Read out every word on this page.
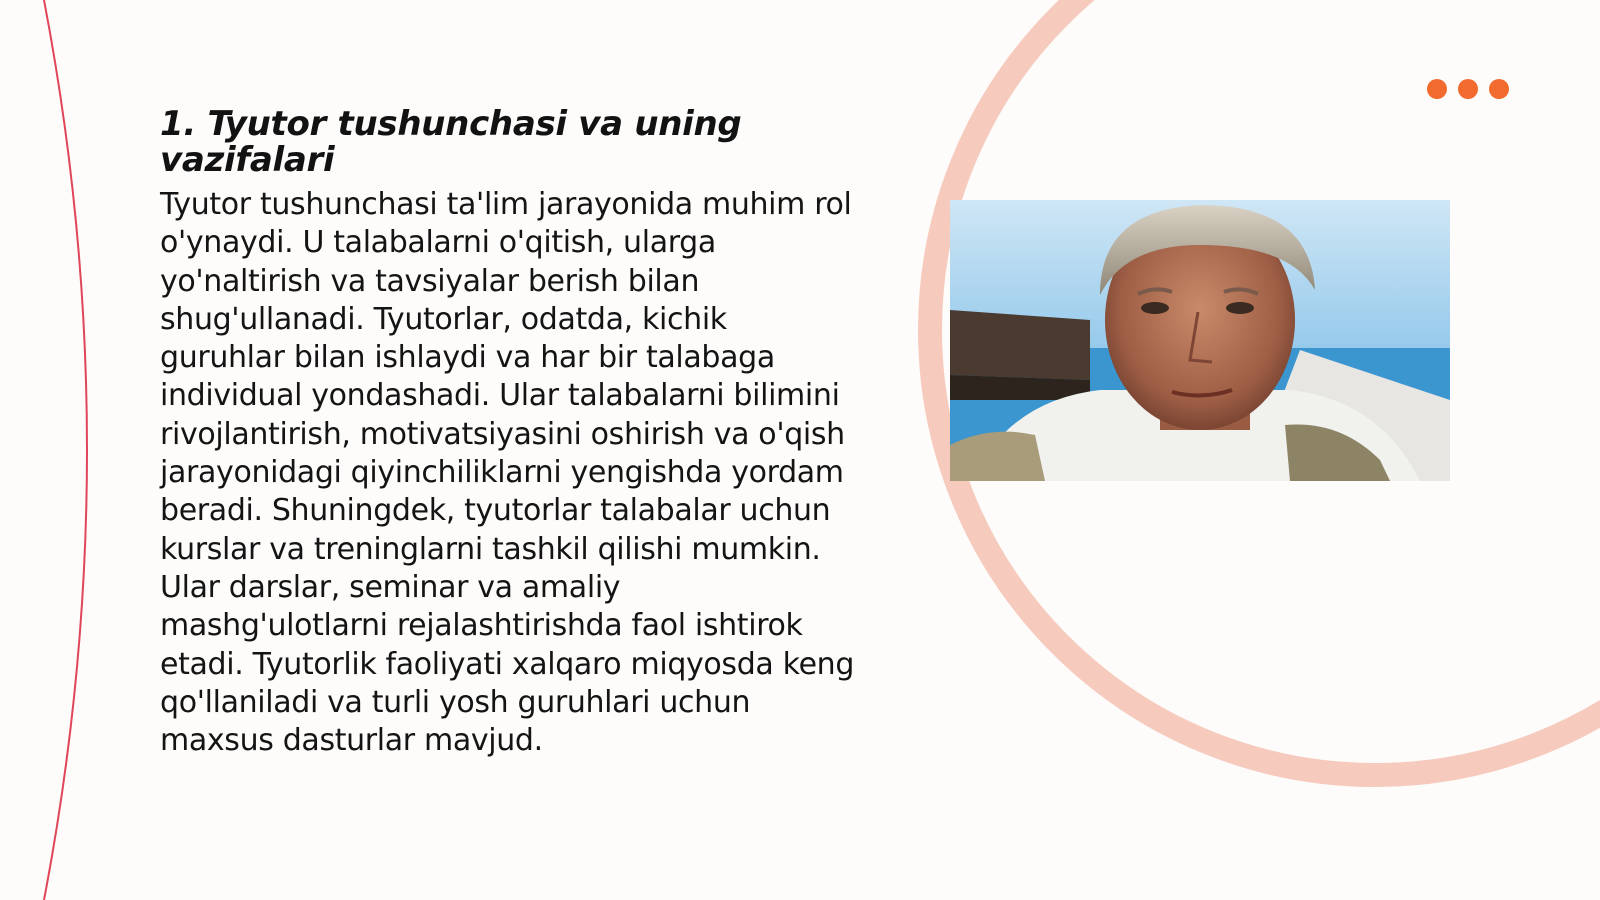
1. Tyutor tushunchasi va uning vazifalari

Tyutor tushunchasi ta'lim jarayonida muhim rol o'ynaydi. U talabalarni o'qitish, ularga yo'naltirish va tavsiyalar berish bilan shug'ullanadi. Tyutorlar, odatda, kichik guruhlar bilan ishlaydi va har bir talabaga individual yondashadi. Ular talabalarni bilimini rivojlantirish, motivatsiyasini oshirish va o'qish jarayonidagi qiyinchiliklarni yengishda yordam beradi. Shuningdek, tyutorlar talabalar uchun kurslar va treninglarni tashkil qilishi mumkin. Ular darslar, seminar va amaliy mashg'ulotlarni rejalashtirishda faol ishtirok etadi. Tyutorlik faoliyati xalqaro miqyosda keng qo'llaniladi va turli yosh guruhlari uchun maxsus dasturlar mavjud.
